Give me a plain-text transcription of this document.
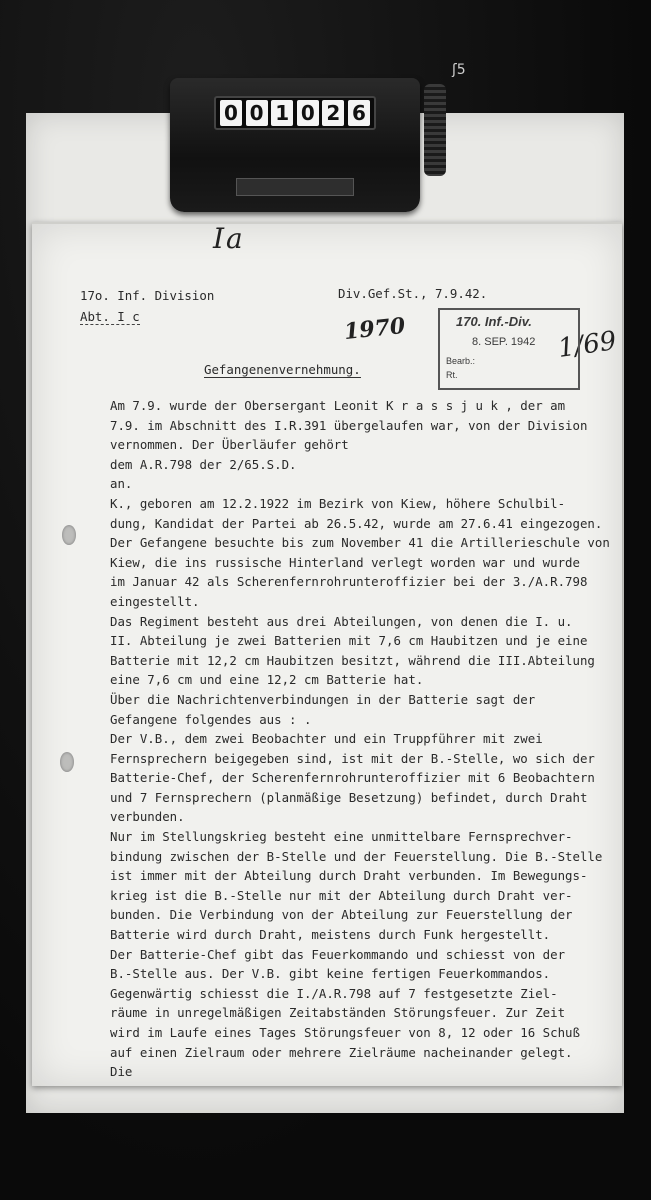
0 0 1 0 2 6
ʃ5
Ia
1970	1/69
17o. Inf. Division
Abt. I c
Div.Gef.St., 7.9.42.
170. Inf.-Div.
8. SEP. 1942
Bearb.:
Rt.
Gefangenenvernehmung.
Am 7.9. wurde der Obersergant Leonit K r a s s j u k , der am
7.9. im Abschnitt des I.R.391 übergelaufen war, von der Division
vernommen. Der Überläufer gehört
dem A.R.798 der 2/65.S.D.
an.
K., geboren am 12.2.1922 im Bezirk von Kiew, höhere Schulbil-
dung, Kandidat der Partei ab 26.5.42, wurde am 27.6.41 eingezogen.
Der Gefangene besuchte bis zum November 41 die Artillerieschule von
Kiew, die ins russische Hinterland verlegt worden war und wurde
im Januar 42 als Scherenfernrohrunteroffizier bei der 3./A.R.798
eingestellt.
Das Regiment besteht aus drei Abteilungen, von denen die I. u.
II. Abteilung je zwei Batterien mit 7,6 cm Haubitzen und je eine
Batterie mit 12,2 cm Haubitzen besitzt, während die III.Abteilung
eine 7,6 cm und eine 12,2 cm Batterie hat.
Über die Nachrichtenverbindungen in der Batterie sagt der
Gefangene folgendes aus : .
Der V.B., dem zwei Beobachter und ein Truppführer mit zwei
Fernsprechern beigegeben sind, ist mit der B.-Stelle, wo sich der
Batterie-Chef, der Scherenfernrohrunteroffizier mit 6 Beobachtern
und 7 Fernsprechern (planmäßige Besetzung) befindet, durch Draht
verbunden.
Nur im Stellungskrieg besteht eine unmittelbare Fernsprechver-
bindung zwischen der B-Stelle und der Feuerstellung. Die B.-Stelle
ist immer mit der Abteilung durch Draht verbunden. Im Bewegungs-
krieg ist die B.-Stelle nur mit der Abteilung durch Draht ver-
bunden. Die Verbindung von der Abteilung zur Feuerstellung der
Batterie wird durch Draht, meistens durch Funk hergestellt.
Der Batterie-Chef gibt das Feuerkommando und schiesst von der
B.-Stelle aus. Der V.B. gibt keine fertigen Feuerkommandos.
Gegenwärtig schiesst die I./A.R.798 auf 7 festgesetzte Ziel-
räume in unregelmäßigen Zeitabständen Störungsfeuer. Zur Zeit
wird im Laufe eines Tages Störungsfeuer von 8, 12 oder 16 Schuß
auf einen Zielraum oder mehrere Zielräume nacheinander gelegt.
Die
